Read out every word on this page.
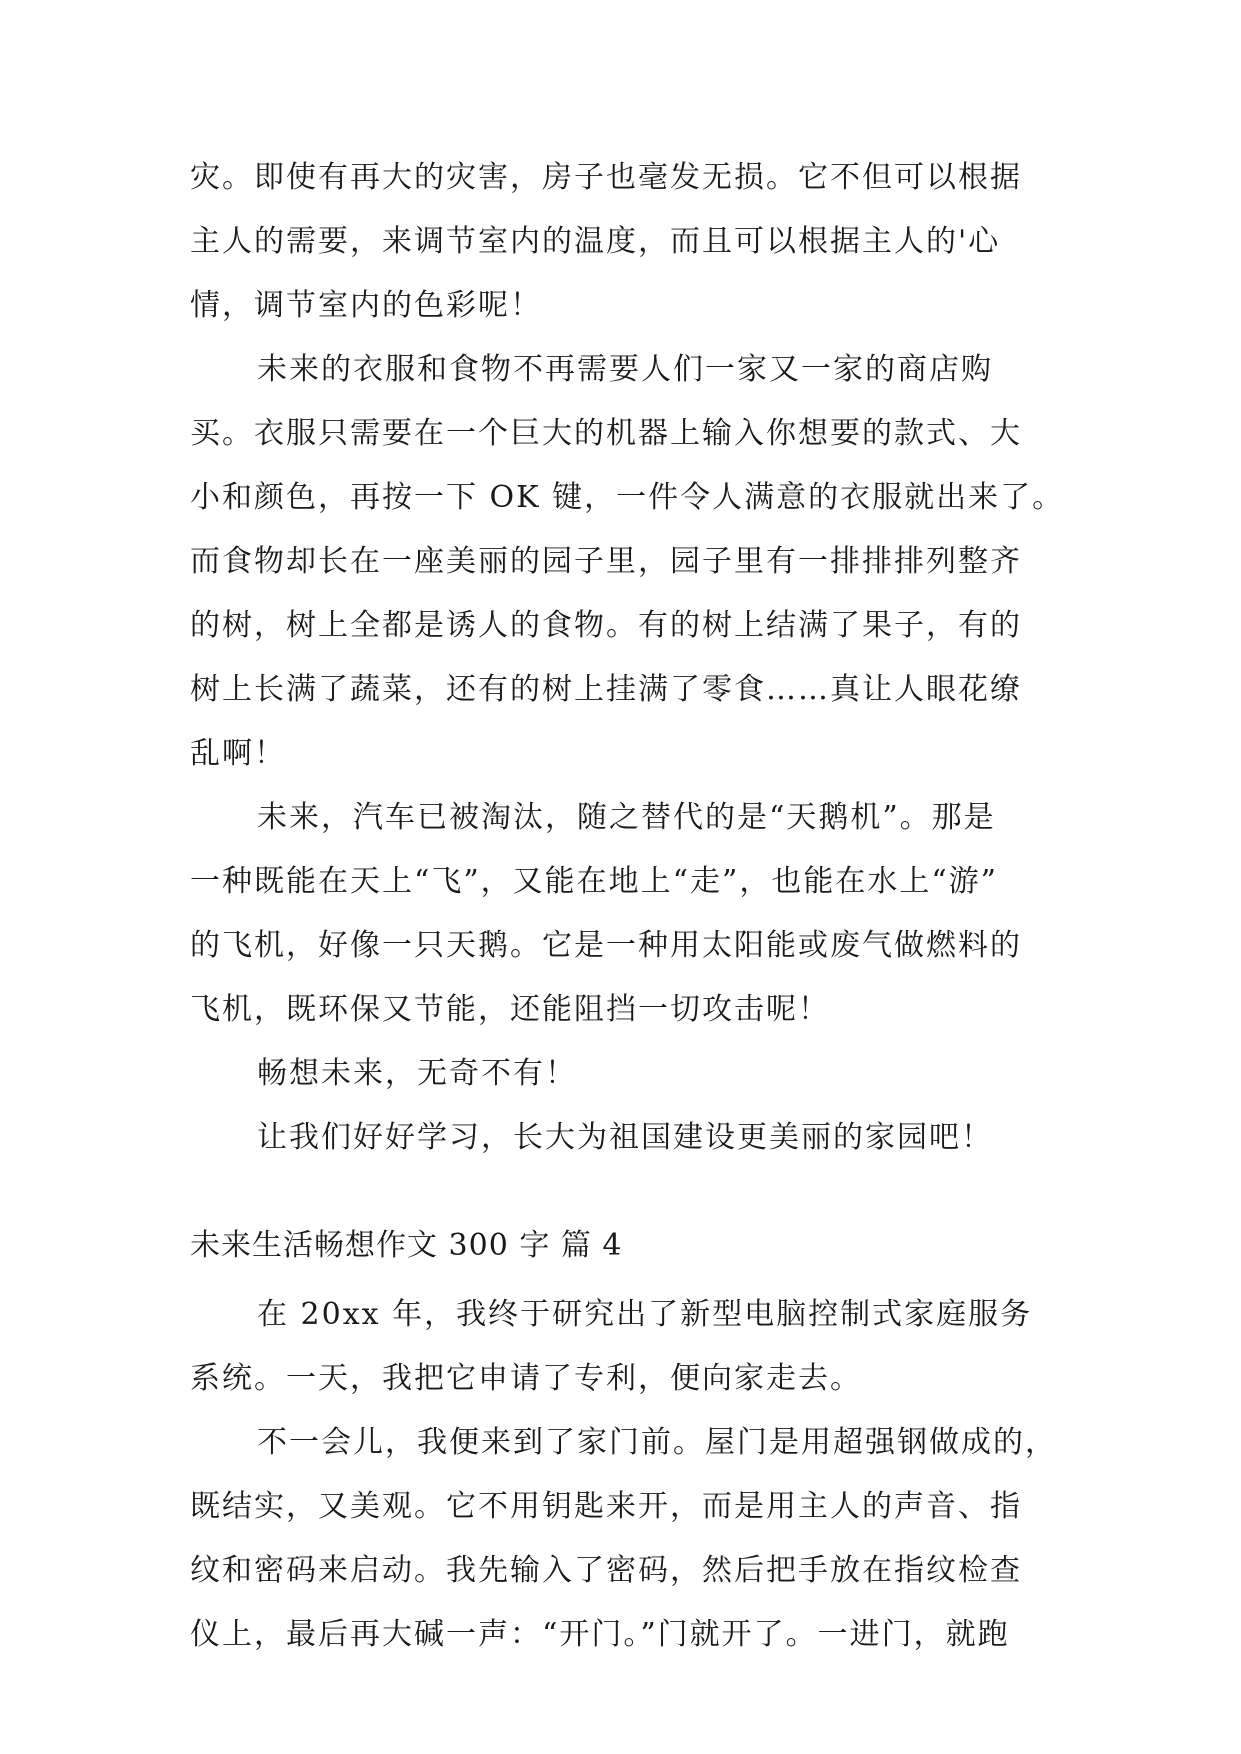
灾。即使有再大的灾害，房子也毫发无损。它不但可以根据
主人的需要，来调节室内的温度，而且可以根据主人的'心
情，调节室内的色彩呢！
未来的衣服和食物不再需要人们一家又一家的商店购
买。衣服只需要在一个巨大的机器上输入你想要的款式、大
小和颜色，再按一下 OK 键，一件令人满意的衣服就出来了。
而食物却长在一座美丽的园子里，园子里有一排排排列整齐
的树，树上全都是诱人的食物。有的树上结满了果子，有的
树上长满了蔬菜，还有的树上挂满了零食……真让人眼花缭
乱啊！
未来，汽车已被淘汰，随之替代的是“天鹅机”。那是
一种既能在天上“飞”，又能在地上“走”，也能在水上“游”
的飞机，好像一只天鹅。它是一种用太阳能或废气做燃料的
飞机，既环保又节能，还能阻挡一切攻击呢！
畅想未来，无奇不有！
让我们好好学习，长大为祖国建设更美丽的家园吧！
未来生活畅想作文 300 字 篇 4
在 20xx 年，我终于研究出了新型电脑控制式家庭服务
系统。一天，我把它申请了专利，便向家走去。
不一会儿，我便来到了家门前。屋门是用超强钢做成的，
既结实，又美观。它不用钥匙来开，而是用主人的声音、指
纹和密码来启动。我先输入了密码，然后把手放在指纹检查
仪上，最后再大碱一声：“开门。”门就开了。一进门，就跑
